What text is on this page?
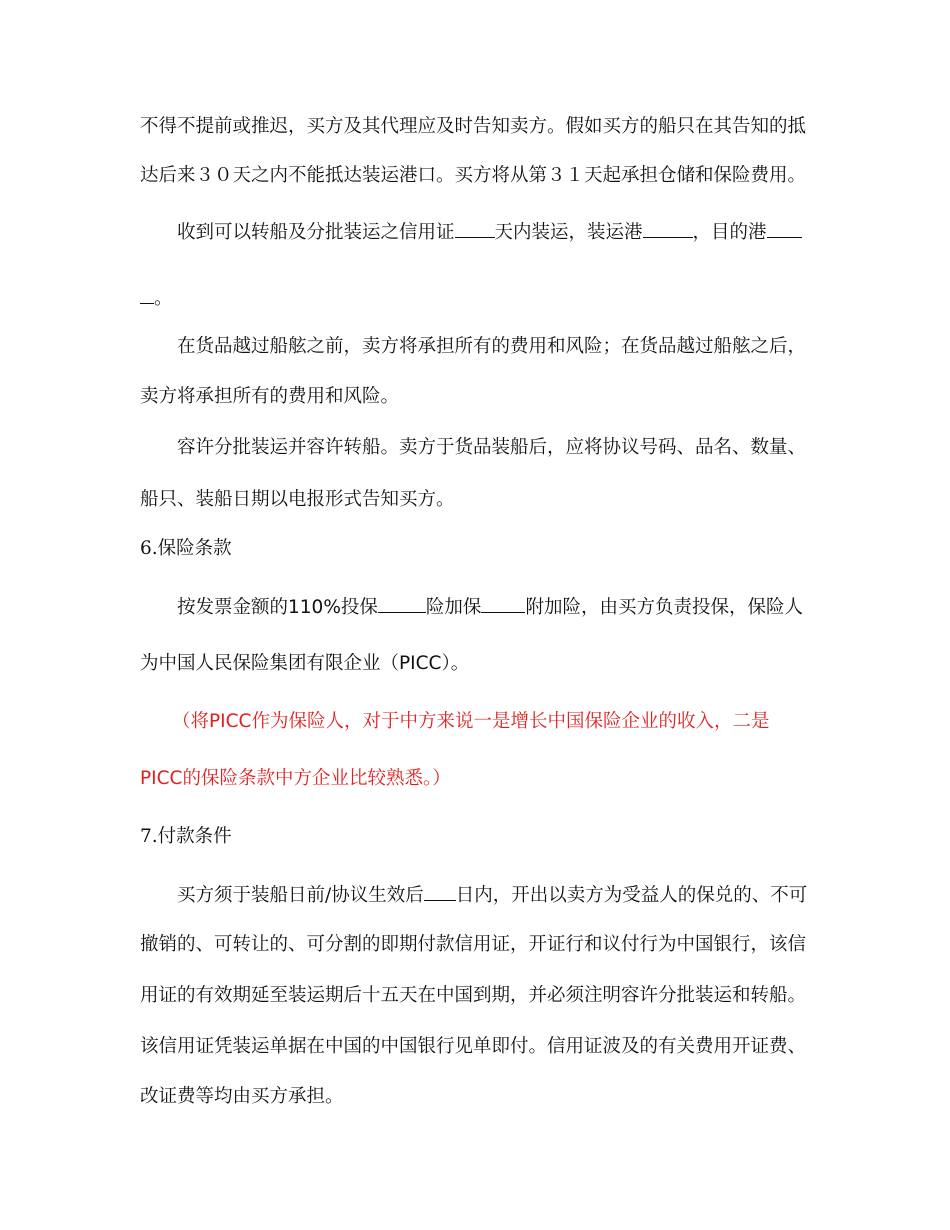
不得不提前或推迟，买方及其代理应及时告知卖方。假如买方的船只在其告知的抵
达后来３０天之内不能抵达装运港口。买方将从第３１天起承担仓储和保险费用。
收到可以转船及分批装运之信用证 天内装运，装运港	，目的港
。
在货品越过船舷之前，卖方将承担所有的费用和风险；在货品越过船舷之后，
卖方将承担所有的费用和风险。
容许分批装运并容许转船。卖方于货品装船后，应将协议号码、品名、数量、
船只、装船日期以电报形式告知买方。
6.保险条款
按发票金额的110%投保	险加保 附加险，由买方负责投保，保险人
为中国人民保险集团有限企业（PICC）。
（将PICC作为保险人，对于中方来说一是增长中国保险企业的收入，二是
PICC的保险条款中方企业比较熟悉。）
7.付款条件
买方须于装船日前/协议生效后 日内，开出以卖方为受益人的保兑的、不可
撤销的、可转让的、可分割的即期付款信用证，开证行和议付行为中国银行，该信
用证的有效期延至装运期后十五天在中国到期，并必须注明容许分批装运和转船。
该信用证凭装运单据在中国的中国银行见单即付。信用证波及的有关费用开证费、
改证费等均由买方承担。
